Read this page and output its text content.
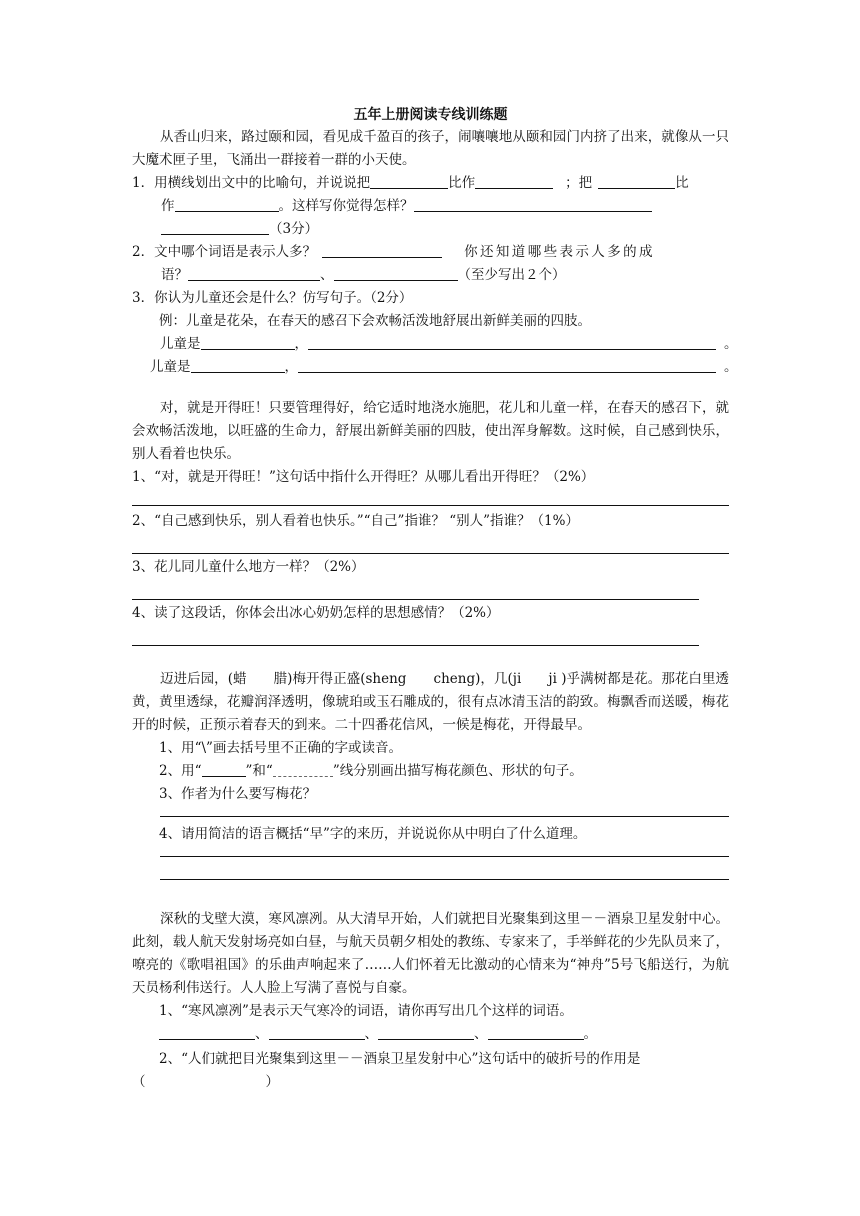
五年上册阅读专线训练题

从香山归来，路过颐和园，看见成千盈百的孩子，闹嚷嚷地从颐和园门内挤了出来，就像从一只大魔术匣子里，飞涌出一群接着一群的小天使。

1．用横线划出文中的比喻句，并说说把	比作	；把	比
作	。这样写你觉得怎样？
（3分）
2．文中哪个词语是表示人多？	你还知道哪些表示人多的成
语？	、	（至少写出２个）
3．你认为儿童还会是什么？仿写句子。（2分）
例：儿童是花朵，在春天的感召下会欢畅活泼地舒展出新鲜美丽的四肢。
儿童是	，	。
儿童是	，	。

对，就是开得旺！只要管理得好，给它适时地浇水施肥，花儿和儿童一样，在春天的感召下，就会欢畅活泼地，以旺盛的生命力，舒展出新鲜美丽的四肢，使出浑身解数。这时候，自己感到快乐，别人看着也快乐。

1、“对，就是开得旺！”这句话中指什么开得旺？从哪儿看出开得旺？（2%）
2、“自己感到快乐，别人看着也快乐。”“自己”指谁？ “别人”指谁？（1%）
3、花儿同儿童什么地方一样？（2%）
4、读了这段话，你体会出冰心奶奶怎样的思想感情？（2%）

迈进后园，(蜡　　腊)梅开得正盛(sheng　　cheng)，几(ji　　ji )乎满树都是花。那花白里透黄，黄里透绿，花瓣润泽透明，像琥珀或玉石雕成的，很有点冰清玉洁的韵致。梅飘香而送暖，梅花开的时候，正预示着春天的到来。二十四番花信风，一候是梅花，开得最早。

1、用“\”画去括号里不正确的字或读音。
2、用“	”和“	”线分别画出描写梅花颜色、形状的句子。
3、作者为什么要写梅花？
4、请用简洁的语言概括“早”字的来历，并说说你从中明白了什么道理。

深秋的戈壁大漠，寒风凛冽。从大清早开始，人们就把目光聚集到这里－－酒泉卫星发射中心。此刻，载人航天发射场亮如白昼，与航天员朝夕相处的教练、专家来了，手举鲜花的少先队员来了，嘹亮的《歌唱祖国》的乐曲声响起来了……人们怀着无比激动的心情来为“神舟”5号飞船送行，为航天员杨利伟送行。人人脸上写满了喜悦与自豪。

1、“寒风凛冽”是表示天气寒冷的词语，请你再写出几个这样的词语。
、	、	、	。
2、“人们就把目光聚集到这里－－酒泉卫星发射中心”这句话中的破折号的作用是
（	）
